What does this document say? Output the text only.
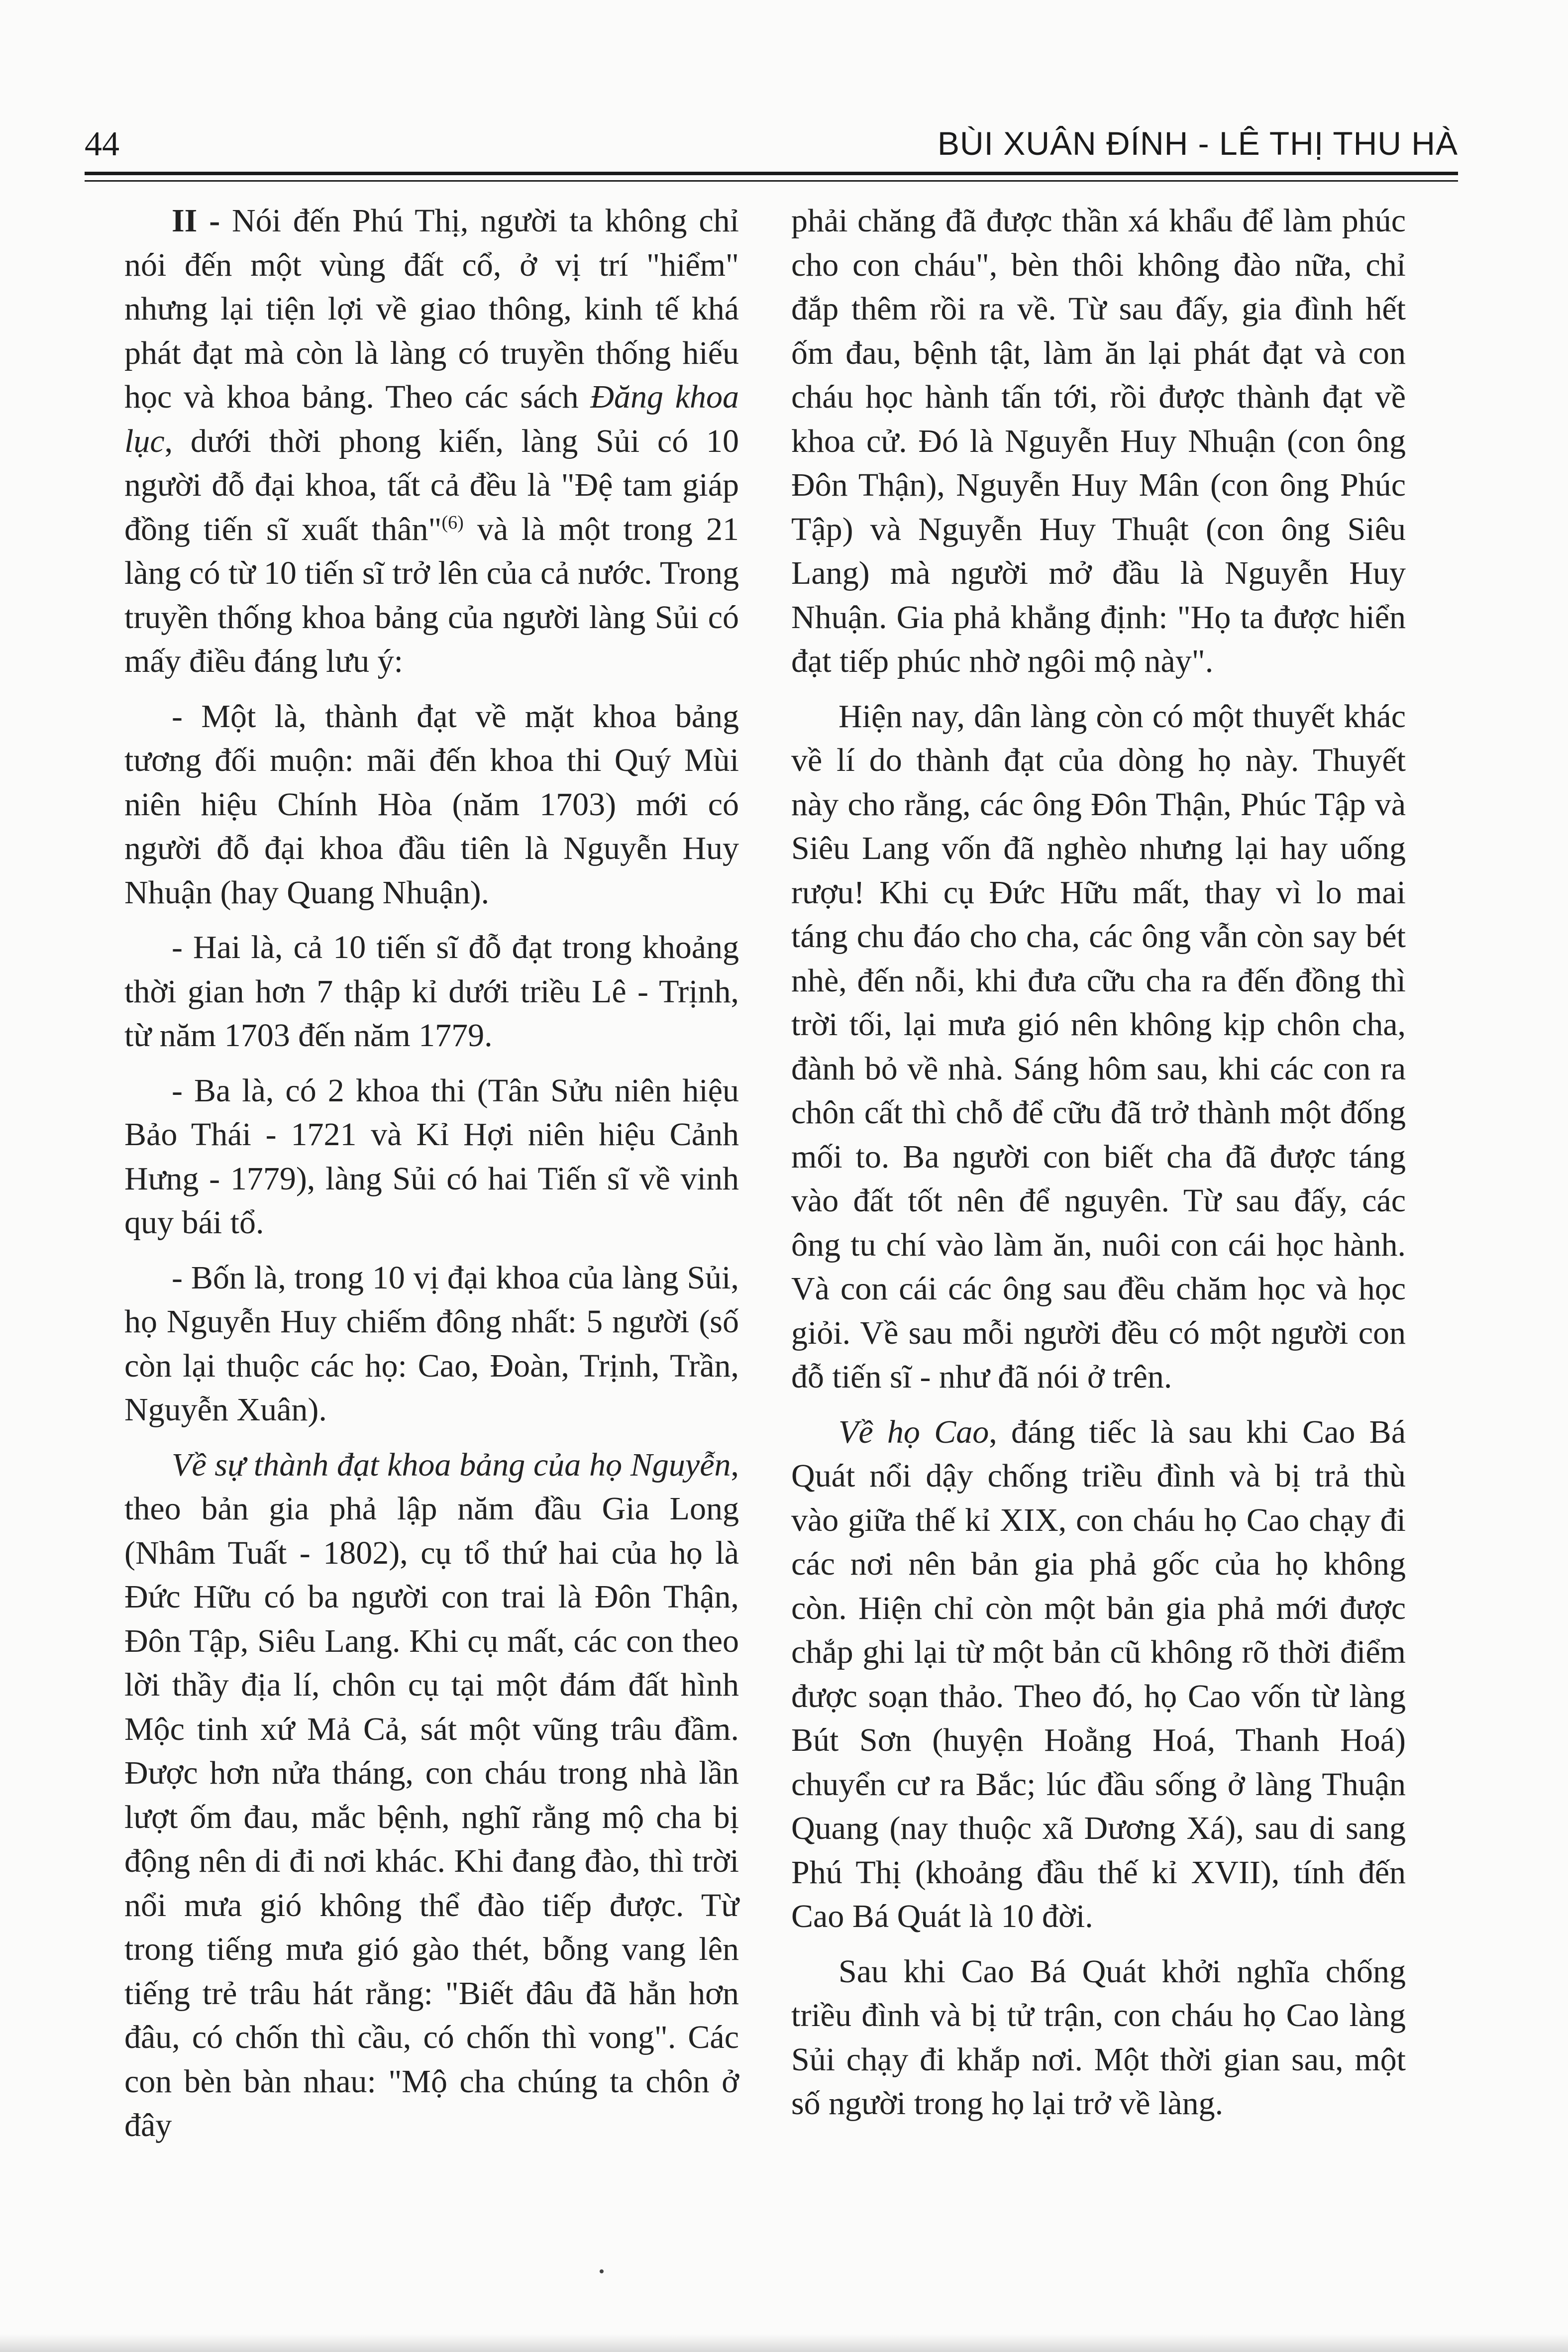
44	BÙI XUÂN ĐÍNH - LÊ THỊ THU HÀ

II - Nói đến Phú Thị, người ta không chỉ nói đến một vùng đất cổ, ở vị trí "hiểm" nhưng lại tiện lợi về giao thông, kinh tế khá phát đạt mà còn là làng có truyền thống hiếu học và khoa bảng. Theo các sách Đăng khoa lục, dưới thời phong kiến, làng Sủi có 10 người đỗ đại khoa, tất cả đều là "Đệ tam giáp đồng tiến sĩ xuất thân"$^{(6)}$ và là một trong 21 làng có từ 10 tiến sĩ trở lên của cả nước. Trong truyền thống khoa bảng của người làng Sủi có mấy điều đáng lưu ý:

- Một là, thành đạt về mặt khoa bảng tương đối muộn: mãi đến khoa thi Quý Mùi niên hiệu Chính Hòa (năm 1703) mới có người đỗ đại khoa đầu tiên là Nguyễn Huy Nhuận (hay Quang Nhuận).

- Hai là, cả 10 tiến sĩ đỗ đạt trong khoảng thời gian hơn 7 thập kỉ dưới triều Lê - Trịnh, từ năm 1703 đến năm 1779.

- Ba là, có 2 khoa thi (Tân Sửu niên hiệu Bảo Thái - 1721 và Kỉ Hợi niên hiệu Cảnh Hưng - 1779), làng Sủi có hai Tiến sĩ về vinh quy bái tổ.

- Bốn là, trong 10 vị đại khoa của làng Sủi, họ Nguyễn Huy chiếm đông nhất: 5 người (số còn lại thuộc các họ: Cao, Đoàn, Trịnh, Trần, Nguyễn Xuân).

Về sự thành đạt khoa bảng của họ Nguyễn, theo bản gia phả lập năm đầu Gia Long (Nhâm Tuất - 1802), cụ tổ thứ hai của họ là Đức Hữu có ba người con trai là Đôn Thận, Đôn Tập, Siêu Lang. Khi cụ mất, các con theo lời thầy địa lí, chôn cụ tại một đám đất hình Mộc tinh xứ Mả Cả, sát một vũng trâu đầm. Được hơn nửa tháng, con cháu trong nhà lần lượt ốm đau, mắc bệnh, nghĩ rằng mộ cha bị động nên di đi nơi khác. Khi đang đào, thì trời nổi mưa gió không thể đào tiếp được. Từ trong tiếng mưa gió gào thét, bỗng vang lên tiếng trẻ trâu hát rằng: "Biết đâu đã hẳn hơn đâu, có chốn thì cầu, có chốn thì vong". Các con bèn bàn nhau: "Mộ cha chúng ta chôn ở đây

phải chăng đã được thần xá khẩu để làm phúc cho con cháu", bèn thôi không đào nữa, chỉ đắp thêm rồi ra về. Từ sau đấy, gia đình hết ốm đau, bệnh tật, làm ăn lại phát đạt và con cháu học hành tấn tới, rồi được thành đạt về khoa cử. Đó là Nguyễn Huy Nhuận (con ông Đôn Thận), Nguyễn Huy Mân (con ông Phúc Tập) và Nguyễn Huy Thuật (con ông Siêu Lang) mà người mở đầu là Nguyễn Huy Nhuận. Gia phả khẳng định: "Họ ta được hiển đạt tiếp phúc nhờ ngôi mộ này".

Hiện nay, dân làng còn có một thuyết khác về lí do thành đạt của dòng họ này. Thuyết này cho rằng, các ông Đôn Thận, Phúc Tập và Siêu Lang vốn đã nghèo nhưng lại hay uống rượu! Khi cụ Đức Hữu mất, thay vì lo mai táng chu đáo cho cha, các ông vẫn còn say bét nhè, đến nỗi, khi đưa cữu cha ra đến đồng thì trời tối, lại mưa gió nên không kịp chôn cha, đành bỏ về nhà. Sáng hôm sau, khi các con ra chôn cất thì chỗ để cữu đã trở thành một đống mối to. Ba người con biết cha đã được táng vào đất tốt nên để nguyên. Từ sau đấy, các ông tu chí vào làm ăn, nuôi con cái học hành. Và con cái các ông sau đều chăm học và học giỏi. Về sau mỗi người đều có một người con đỗ tiến sĩ - như đã nói ở trên.

Về họ Cao, đáng tiếc là sau khi Cao Bá Quát nổi dậy chống triều đình và bị trả thù vào giữa thế kỉ XIX, con cháu họ Cao chạy đi các nơi nên bản gia phả gốc của họ không còn. Hiện chỉ còn một bản gia phả mới được chắp ghi lại từ một bản cũ không rõ thời điểm được soạn thảo. Theo đó, họ Cao vốn từ làng Bút Sơn (huyện Hoằng Hoá, Thanh Hoá) chuyển cư ra Bắc; lúc đầu sống ở làng Thuận Quang (nay thuộc xã Dương Xá), sau di sang Phú Thị (khoảng đầu thế kỉ XVII), tính đến Cao Bá Quát là 10 đời.

Sau khi Cao Bá Quát khởi nghĩa chống triều đình và bị tử trận, con cháu họ Cao làng Sủi chạy đi khắp nơi. Một thời gian sau, một số người trong họ lại trở về làng.
